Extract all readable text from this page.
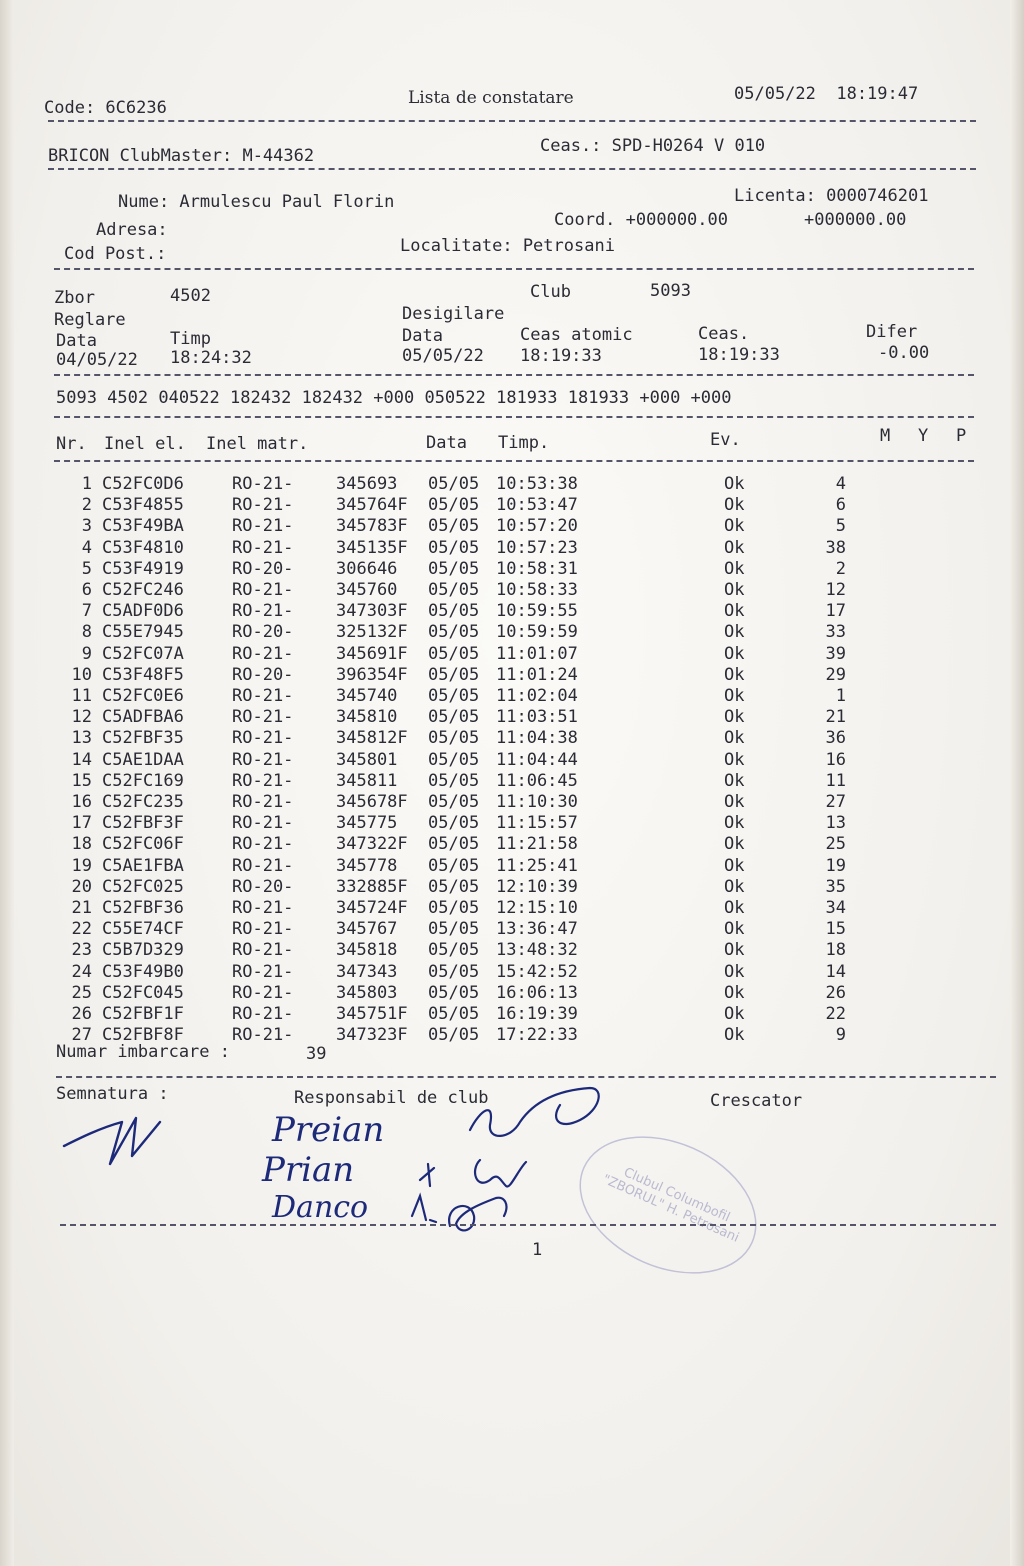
Code: 6C6236	Lista de constatare	05/05/22  18:19:47
BRICON ClubMaster: M-44362	Ceas.: SPD-H0264 V 010
Licenta: 0000746201
Nume: Armulescu Paul Florin
Adresa:	Coord. +000000.00	+000000.00
Cod Post.:	Localitate: Petrosani
Zbor	4502	Club	5093
Reglare	Desigilare
Data	Timp	Data	Ceas atomic	Ceas.	Difer
04/05/22 18:24:32	05/05/22 18:19:33	18:19:33	-0.00
5093 4502 040522 182432 182432 +000 050522 181933 181933 +000 +000
Nr. Inel el. Inel matr.	Data Timp.	Ev.	M Y P
1 C52FC0D6	RO-21-	345693 05/05 10:53:38	Ok	4
2 C53F4855	RO-21-	345764F 05/05 10:53:47	Ok	6
3 C53F49BA	RO-21-	345783F 05/05 10:57:20	Ok	5
4 C53F4810	RO-21-	345135F 05/05 10:57:23	Ok	38
5 C53F4919	RO-20-	306646 05/05 10:58:31	Ok	2
6 C52FC246	RO-21-	345760 05/05 10:58:33	Ok	12
7 C5ADF0D6	RO-21-	347303F 05/05 10:59:55	Ok	17
8 C55E7945	RO-20-	325132F 05/05 10:59:59	Ok	33
9 C52FC07A	RO-21-	345691F 05/05 11:01:07	Ok	39
10 C53F48F5	RO-20-	396354F 05/05 11:01:24	Ok	29
11 C52FC0E6	RO-21-	345740 05/05 11:02:04	Ok	1
12 C5ADFBA6	RO-21-	345810 05/05 11:03:51	Ok	21
13 C52FBF35	RO-21-	345812F 05/05 11:04:38	Ok	36
14 C5AE1DAA	RO-21-	345801 05/05 11:04:44	Ok	16
15 C52FC169	RO-21-	345811 05/05 11:06:45	Ok	11
16 C52FC235	RO-21-	345678F 05/05 11:10:30	Ok	27
17 C52FBF3F	RO-21-	345775 05/05 11:15:57	Ok	13
18 C52FC06F	RO-21-	347322F 05/05 11:21:58	Ok	25
19 C5AE1FBA	RO-21-	345778 05/05 11:25:41	Ok	19
20 C52FC025	RO-20-	332885F 05/05 12:10:39	Ok	35
21 C52FBF36	RO-21-	345724F 05/05 12:15:10	Ok	34
22 C55E74CF	RO-21-	345767 05/05 13:36:47	Ok	15
23 C5B7D329	RO-21-	345818 05/05 13:48:32	Ok	18
24 C53F49B0	RO-21-	347343 05/05 15:42:52	Ok	14
25 C52FC045	RO-21-	345803 05/05 16:06:13	Ok	26
26 C52FBF1F	RO-21-	345751F 05/05 16:19:39	Ok	22
27 C52FBF8F	RO-21-	347323F 05/05 17:22:33	Ok	9
Numar imbarcare :	39
Semnatura :	Responsabil de club	Crescator
Preian
Prian
Danco	Clubul Columbofil "ZBORUL" H. Petrosani
1
